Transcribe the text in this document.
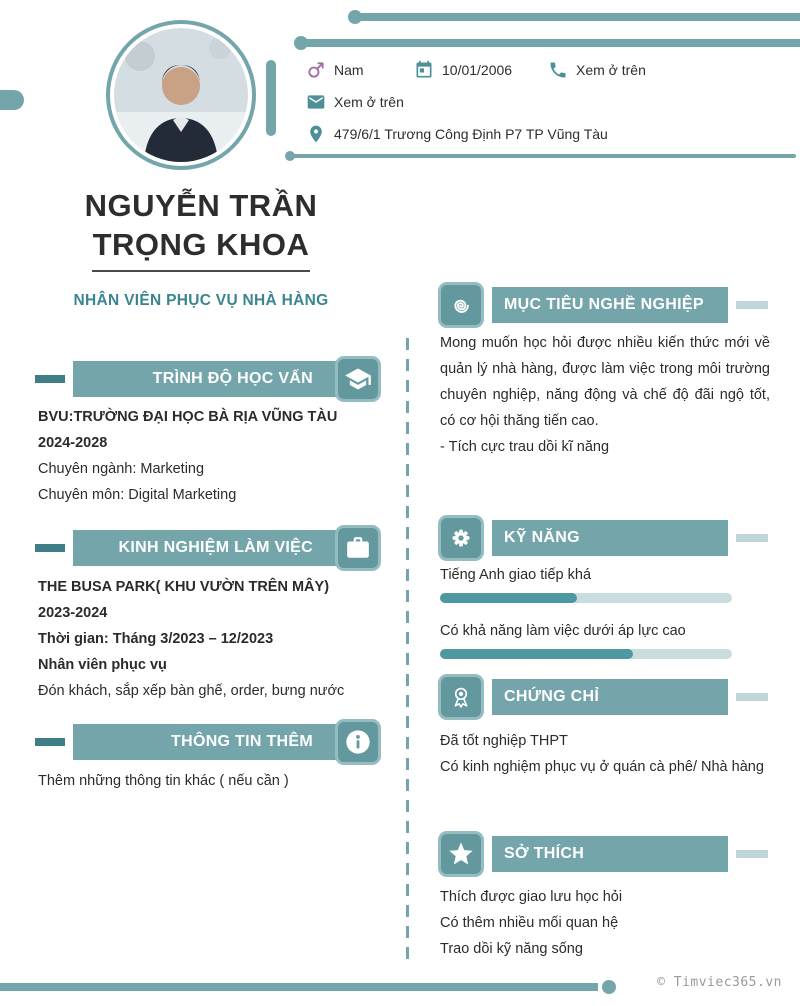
Nam	10/01/2006	Xem ở trên
Xem ở trên
479/6/1 Trương Công Định P7 TP Vũng Tàu
NGUYỄN TRẦN
TRỌNG KHOA
NHÂN VIÊN PHỤC VỤ NHÀ HÀNG
TRÌNH ĐỘ HỌC VẤN
BVU:TRƯỜNG ĐẠI HỌC BÀ RỊA VŨNG TÀU
2024-2028
Chuyên ngành: Marketing
Chuyên môn: Digital Marketing
KINH NGHIỆM LÀM VIỆC
THE BUSA PARK( KHU VƯỜN TRÊN MÂY)
2023-2024
Thời gian: Tháng 3/2023 – 12/2023
Nhân viên phục vụ
Đón khách, sắp xếp bàn ghế, order, bưng nước
THÔNG TIN THÊM
Thêm những thông tin khác ( nếu cần )
MỤC TIÊU NGHỀ NGHIỆP
Mong muốn học hỏi được nhiều kiến thức mới về quản lý nhà hàng, được làm việc trong môi trường chuyên nghiệp, năng động và chế độ đãi ngộ tốt, có cơ hội thăng tiến cao.
- Tích cực trau dồi kĩ năng
KỸ NĂNG
Tiếng Anh giao tiếp khá
Có khả năng làm việc dưới áp lực cao
CHỨNG CHỈ
Đã tốt nghiệp THPT
Có kinh nghiệm phục vụ ở quán cà phê/ Nhà hàng
SỞ THÍCH
Thích được giao lưu học hỏi
Có thêm nhiều mối quan hệ
Trao dồi kỹ năng sống
© Timviec365.vn
